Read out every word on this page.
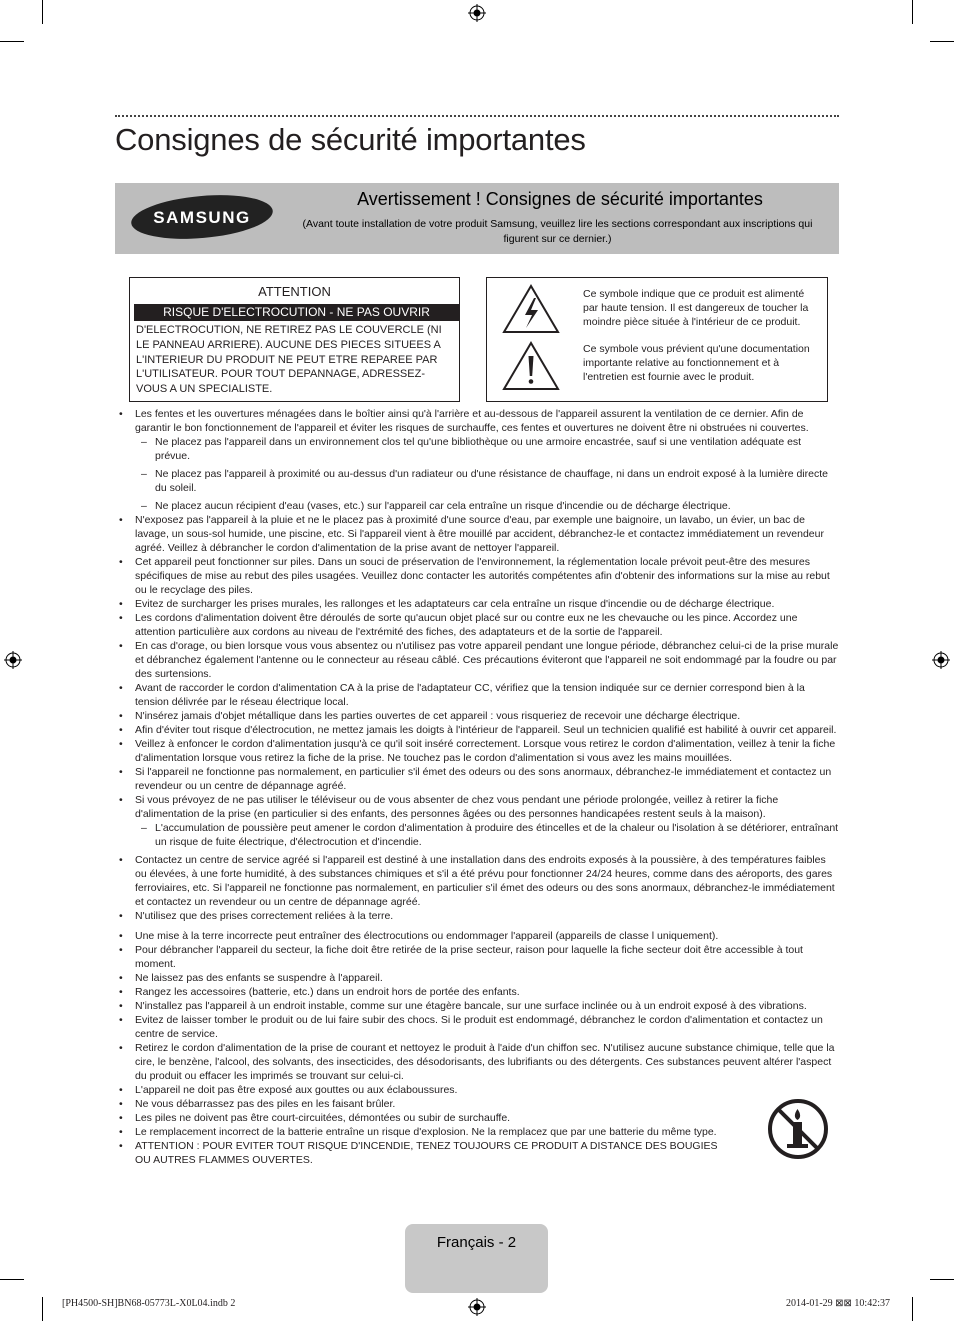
Consignes de sécurité importantes
SAMSUNG
Avertissement ! Consignes de sécurité importantes
(Avant toute installation de votre produit Samsung, veuillez lire les sections correspondant aux inscriptions qui figurent sur ce dernier.)
ATTENTION
RISQUE D'ELECTROCUTION - NE PAS OUVRIR
D'ELECTROCUTION, NE RETIREZ PAS LE COUVERCLE (NI LE PANNEAU ARRIERE). AUCUNE DES PIECES SITUEES A L'INTERIEUR DU PRODUIT NE PEUT ETRE REPAREE PAR L'UTILISATEUR. POUR TOUT DEPANNAGE, ADRESSEZ-VOUS A UN SPECIALISTE.
Ce symbole indique que ce produit est alimenté par haute tension. Il est dangereux de toucher la moindre pièce située à l'intérieur de ce produit.
Ce symbole vous prévient qu'une documentation importante relative au fonctionnement et à l'entretien est fournie avec le produit.
• Les fentes et les ouvertures ménagées dans le boîtier ainsi qu'à l'arrière et au-dessous de l'appareil assurent la ventilation de ce dernier. Afin de garantir le bon fonctionnement de l'appareil et éviter les risques de surchauffe, ces fentes et ouvertures ne doivent être ni obstruées ni couvertes.
– Ne placez pas l'appareil dans un environnement clos tel qu'une bibliothèque ou une armoire encastrée, sauf si une ventilation adéquate est prévue.
– Ne placez pas l'appareil à proximité ou au-dessus d'un radiateur ou d'une résistance de chauffage, ni dans un endroit exposé à la lumière directe du soleil.
– Ne placez aucun récipient d'eau (vases, etc.) sur l'appareil car cela entraîne un risque d'incendie ou de décharge électrique.
• N'exposez pas l'appareil à la pluie et ne le placez pas à proximité d'une source d'eau, par exemple une baignoire, un lavabo, un évier, un bac de lavage, un sous-sol humide, une piscine, etc. Si l'appareil vient à être mouillé par accident, débranchez-le et contactez immédiatement un revendeur agréé. Veillez à débrancher le cordon d'alimentation de la prise avant de nettoyer l'appareil.
• Cet appareil peut fonctionner sur piles. Dans un souci de préservation de l'environnement, la réglementation locale prévoit peut-être des mesures spécifiques de mise au rebut des piles usagées. Veuillez donc contacter les autorités compétentes afin d'obtenir des informations sur la mise au rebut ou le recyclage des piles.
• Evitez de surcharger les prises murales, les rallonges et les adaptateurs car cela entraîne un risque d'incendie ou de décharge électrique.
• Les cordons d'alimentation doivent être déroulés de sorte qu'aucun objet placé sur ou contre eux ne les chevauche ou les pince. Accordez une attention particulière aux cordons au niveau de l'extrémité des fiches, des adaptateurs et de la sortie de l'appareil.
• En cas d'orage, ou bien lorsque vous vous absentez ou n'utilisez pas votre appareil pendant une longue période, débranchez celui-ci de la prise murale et débranchez également l'antenne ou le connecteur au réseau câblé. Ces précautions éviteront que l'appareil ne soit endommagé par la foudre ou par des surtensions.
• Avant de raccorder le cordon d'alimentation CA à la prise de l'adaptateur CC, vérifiez que la tension indiquée sur ce dernier correspond bien à la tension délivrée par le réseau électrique local.
• N'insérez jamais d'objet métallique dans les parties ouvertes de cet appareil : vous risqueriez de recevoir une décharge électrique.
• Afin d'éviter tout risque d'électrocution, ne mettez jamais les doigts à l'intérieur de l'appareil. Seul un technicien qualifié est habilité à ouvrir cet appareil.
• Veillez à enfoncer le cordon d'alimentation jusqu'à ce qu'il soit inséré correctement. Lorsque vous retirez le cordon d'alimentation, veillez à tenir la fiche d'alimentation lorsque vous retirez la fiche de la prise. Ne touchez pas le cordon d'alimentation si vous avez les mains mouillées.
• Si l'appareil ne fonctionne pas normalement, en particulier s'il émet des odeurs ou des sons anormaux, débranchez-le immédiatement et contactez un revendeur ou un centre de dépannage agréé.
• Si vous prévoyez de ne pas utiliser le téléviseur ou de vous absenter de chez vous pendant une période prolongée, veillez à retirer la fiche d'alimentation de la prise (en particulier si des enfants, des personnes âgées ou des personnes handicapées restent seuls à la maison).
– L'accumulation de poussière peut amener le cordon d'alimentation à produire des étincelles et de la chaleur ou l'isolation à se détériorer, entraînant un risque de fuite électrique, d'électrocution et d'incendie.
• Contactez un centre de service agréé si l'appareil est destiné à une installation dans des endroits exposés à la poussière, à des températures faibles ou élevées, à une forte humidité, à des substances chimiques et s'il a été prévu pour fonctionner 24/24 heures, comme dans des aéroports, des gares ferroviaires, etc. Si l'appareil ne fonctionne pas normalement, en particulier s'il émet des odeurs ou des sons anormaux, débranchez-le immédiatement et contactez un revendeur ou un centre de dépannage agréé.
• N'utilisez que des prises correctement reliées à la terre.
• Une mise à la terre incorrecte peut entraîner des électrocutions ou endommager l'appareil (appareils de classe l uniquement).
• Pour débrancher l'appareil du secteur, la fiche doit être retirée de la prise secteur, raison pour laquelle la fiche secteur doit être accessible à tout moment.
• Ne laissez pas des enfants se suspendre à l'appareil.
• Rangez les accessoires (batterie, etc.) dans un endroit hors de portée des enfants.
• N'installez pas l'appareil à un endroit instable, comme sur une étagère bancale, sur une surface inclinée ou à un endroit exposé à des vibrations.
• Evitez de laisser tomber le produit ou de lui faire subir des chocs. Si le produit est endommagé, débranchez le cordon d'alimentation et contactez un centre de service.
• Retirez le cordon d'alimentation de la prise de courant et nettoyez le produit à l'aide d'un chiffon sec. N'utilisez aucune substance chimique, telle que la cire, le benzène, l'alcool, des solvants, des insecticides, des désodorisants, des lubrifiants ou des détergents. Ces substances peuvent altérer l'aspect du produit ou effacer les imprimés se trouvant sur celui-ci.
• L'appareil ne doit pas être exposé aux gouttes ou aux éclaboussures.
• Ne vous débarrassez pas des piles en les faisant brûler.
• Les piles ne doivent pas être court-circuitées, démontées ou subir de surchauffe.
• Le remplacement incorrect de la batterie entraîne un risque d'explosion. Ne la remplacez que par une batterie du même type.
• ATTENTION : POUR EVITER TOUT RISQUE D'INCENDIE, TENEZ TOUJOURS CE PRODUIT A DISTANCE DES BOUGIES OU AUTRES FLAMMES OUVERTES.
Français - 2
[PH4500-SH]BN68-05773L-X0L04.indb 2	2014-01-29 ⊠⊠ 10:42:37
